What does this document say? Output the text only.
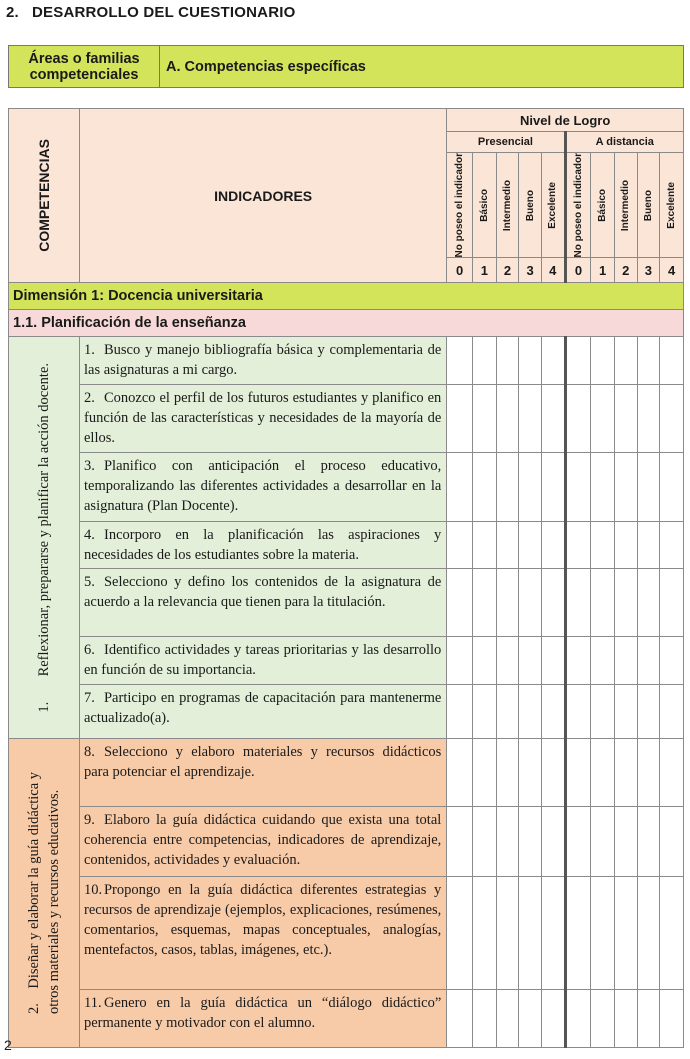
2.   DESARROLLO DEL CUESTIONARIO
Áreas o familias
competenciales	A. Competencias específicas
COMPETENCIAS	INDICADORES	Nivel de Logro									
		Presencial					A distancia				

		No poseo el indicador	Básico	Intermedio	Bueno	Excelente	No poseo el indicador	Básico	Intermedio	Bueno	Excelente

		0	1	2	3	4	0	1	2	3	4
Dimensión 1: Docencia universitaria											
1.1. Planificación de la enseñanza											

1.       Reflexionar, prepararse y planificar la acción docente.	1. Busco y manejo bibliografía básica y complementaria de las asignaturas a mi cargo.										
	2. Conozco el perfil de los futuros estudiantes y planifico en función de las características y necesidades de la mayoría de ellos.										
	3. Planifico con anticipación el proceso educativo, temporalizando las diferentes actividades a desarrollar en la asignatura (Plan Docente).										
	4. Incorporo en la planificación las aspiraciones y necesidades de los estudiantes sobre la materia.										
	5. Selecciono y defino los contenidos de la asignatura de acuerdo a la relevancia que tienen para la titulación.										
	6. Identifico actividades y tareas prioritarias y las desarrollo en función de su importancia.										
	7. Participo en programas de capacitación para mantenerme actualizado(a).										

2.    Diseñar y elaborar la guía didáctica y otros materiales y recursos educativos.	8. Selecciono y elaboro materiales y recursos didácticos para potenciar el aprendizaje.										
	9. Elaboro la guía didáctica cuidando que exista una total coherencia entre competencias, indicadores de aprendizaje, contenidos, actividades y evaluación.										
	10. Propongo en la guía didáctica diferentes estrategias y recursos de aprendizaje (ejemplos, explicaciones, resúmenes, comentarios, esquemas, mapas conceptuales, analogías, mentefactos, casos, tablas, imágenes, etc.).										
	11. Genero en la guía didáctica un “diálogo didáctico” permanente y motivador con el alumno.										
2
